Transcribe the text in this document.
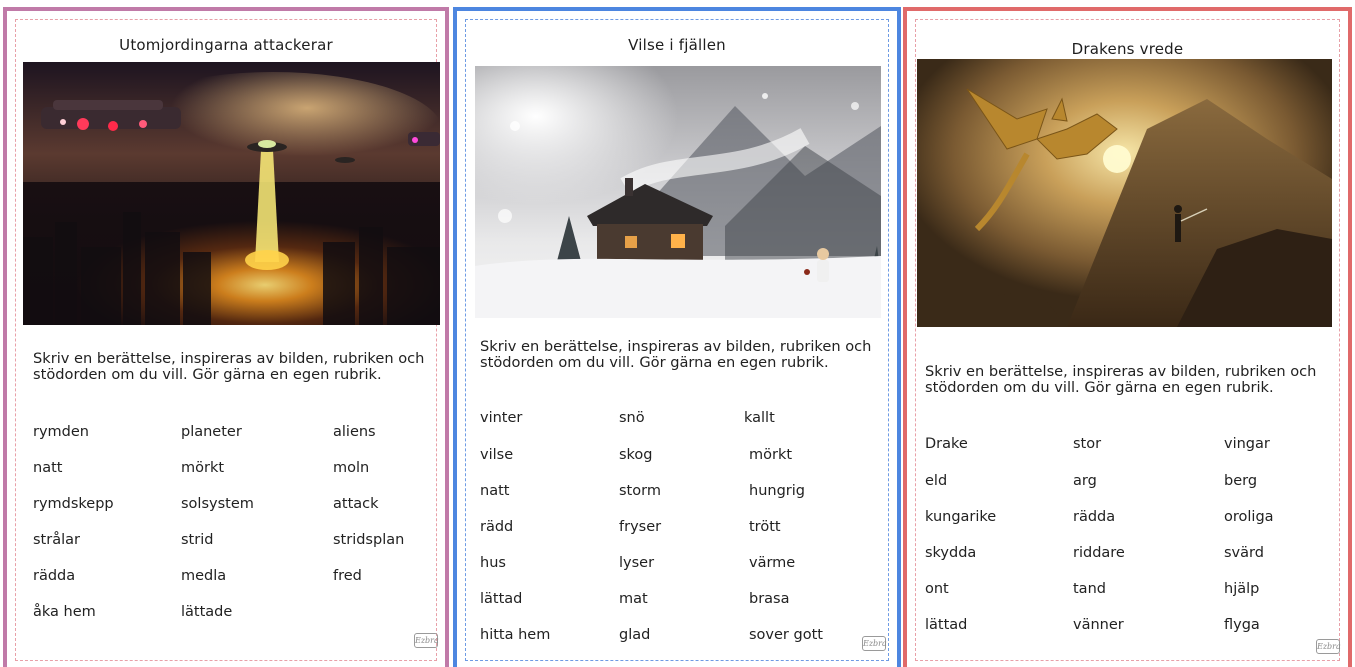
Utomjordingarna attackerar
Skriv en berättelse, inspireras av bilden, rubriken och stödorden om du vill. Gör gärna en egen rubrik.
rymden	planeter	aliens
natt	mörkt	moln
rymdskepp	solsystem	attack
strålar	strid	stridsplan
rädda	medla	fred
åka hem	lättade
Ezbra
Vilse i fjällen
Skriv en berättelse, inspireras av bilden, rubriken och stödorden om du vill. Gör gärna en egen rubrik.
vinter	snö	kallt
vilse	skog	mörkt
natt	storm	hungrig
rädd	fryser	trött
hus	lyser	värme
lättad	mat	brasa
hitta hem	glad	sover gott
Ezbra
Drakens vrede
Skriv en berättelse, inspireras av bilden, rubriken och stödorden om du vill. Gör gärna en egen rubrik.
Drake	stor	vingar
eld	arg	berg
kungarike	rädda	oroliga
skydda	riddare	svärd
ont	tand	hjälp
lättad	vänner	flyga
Ezbra
